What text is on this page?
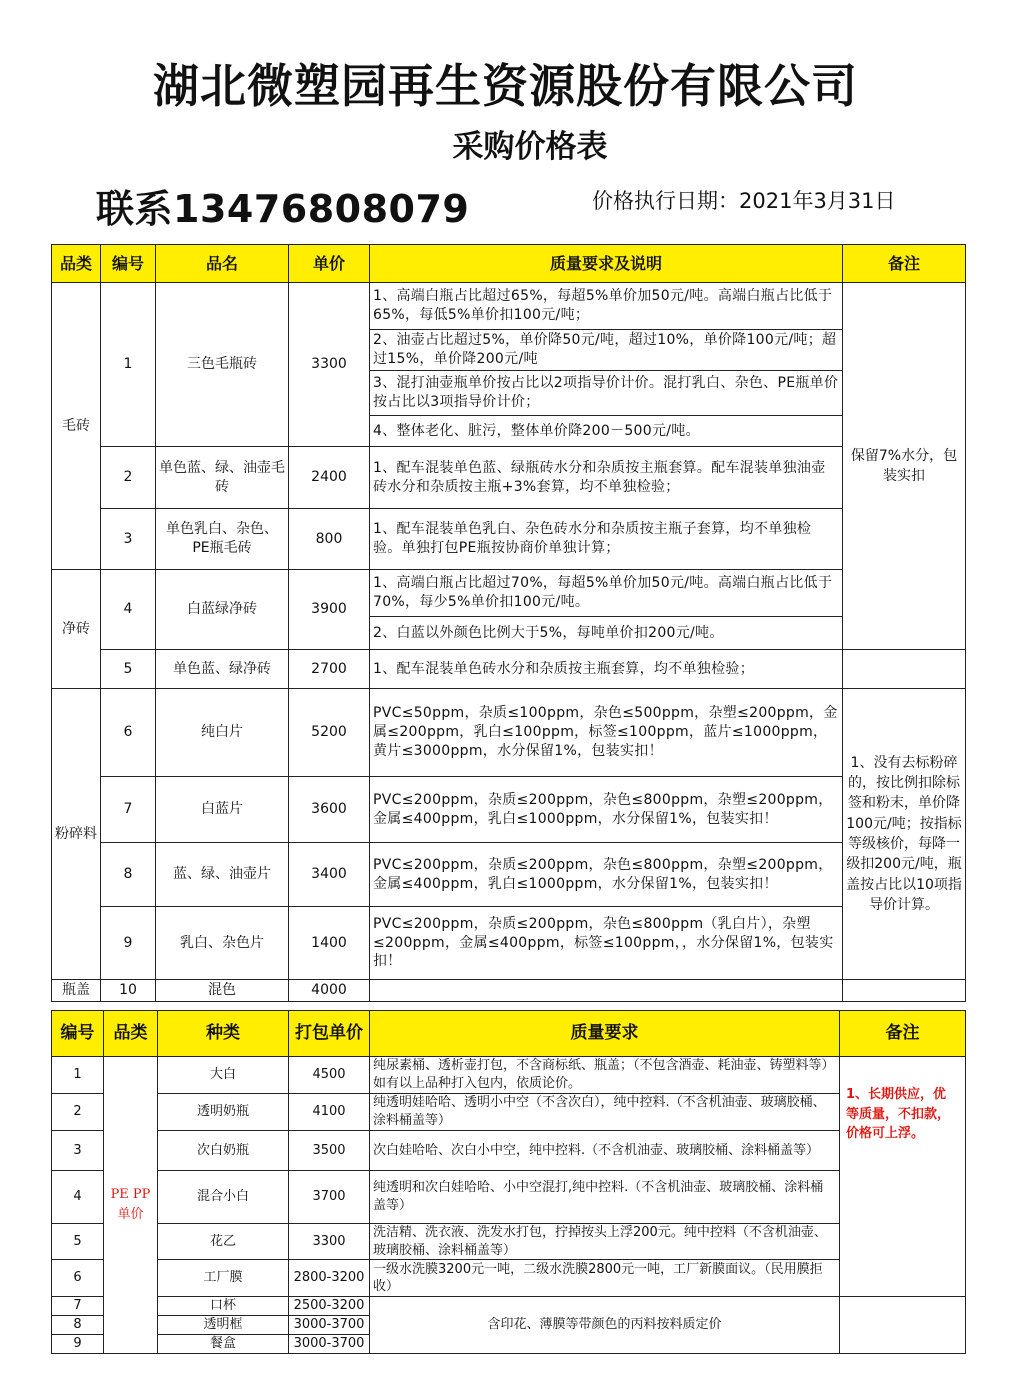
湖北微塑园再生资源股份有限公司
采购价格表
联系13476808079	价格执行日期：2021年3月31日
品类	编号	品名	单价	质量要求及说明	备注
毛砖	1	三色毛瓶砖	3300	1、高端白瓶占比超过65%，每超5%单价加50元/吨。高端白瓶占比低于65%，每低5%单价扣100元/吨；	保留7%水分，包装实扣
				2、油壶占比超过5%，单价降50元/吨，超过10%，单价降100元/吨；超过15%，单价降200元/吨	
				3、混打油壶瓶单价按占比以2项指导价计价。混打乳白、杂色、PE瓶单价按占比以3项指导价计价；	
				4、整体老化、脏污，整体单价降200－500元/吨。	
	2	单色蓝、绿、油壶毛砖	2400	1、配车混装单色蓝、绿瓶砖水分和杂质按主瓶套算。配车混装单独油壶砖水分和杂质按主瓶+3%套算，均不单独检验；	
	3	单色乳白、杂色、PE瓶毛砖	800	1、配车混装单色乳白、杂色砖水分和杂质按主瓶子套算，均不单独检验。单独打包PE瓶按协商价单独计算；	
净砖	4	白蓝绿净砖	3900	1、高端白瓶占比超过70%，每超5%单价加50元/吨。高端白瓶占比低于70%，每少5%单价扣100元/吨。	
				2、白蓝以外颜色比例大于5%，每吨单价扣200元/吨。	
	5	单色蓝、绿净砖	2700	1、配车混装单色砖水分和杂质按主瓶套算，均不单独检验；	
粉碎料	6	纯白片	5200	PVC≤50ppm，杂质≤100ppm，杂色≤500ppm，杂塑≤200ppm，金属≤200ppm，乳白≤100ppm，标签≤100ppm，蓝片≤1000ppm，黄片≤3000ppm，水分保留1%，包装实扣！	1、没有去标粉碎的，按比例扣除标签和粉末，单价降100元/吨；按指标等级核价，每降一级扣200元/吨，瓶盖按占比以10项指导价计算。
	7	白蓝片	3600	PVC≤200ppm，杂质≤200ppm，杂色≤800ppm，杂塑≤200ppm，金属≤400ppm，乳白≤1000ppm，水分保留1%，包装实扣！	
	8	蓝、绿、油壶片	3400	PVC≤200ppm，杂质≤200ppm，杂色≤800ppm，杂塑≤200ppm，金属≤400ppm，乳白≤1000ppm，水分保留1%，包装实扣！	
	9	乳白、杂色片	1400	PVC≤200ppm，杂质≤200ppm，杂色≤800ppm（乳白片），杂塑≤200ppm，金属≤400ppm，标签≤100ppm，，水分保留1%，包装实扣！	
瓶盖	10	混色	4000		
编号	品类	种类	打包单价	质量要求	备注
1	PE PP 单价	大白	4500	纯尿素桶、透析壶打包，不含商标纸、瓶盖；（不包含酒壶、耗油壶、铸塑料等）如有以上品种打入包内，依质论价。	1、长期供应，优等质量，不扣款，价格可上浮。
2		透明奶瓶	4100	纯透明娃哈哈、透明小中空（不含次白），纯中控料.（不含机油壶、玻璃胶桶、涂料桶盖等）	
3		次白奶瓶	3500	次白娃哈哈、次白小中空，纯中控料.（不含机油壶、玻璃胶桶、涂料桶盖等）	
4		混合小白	3700	纯透明和次白娃哈哈、小中空混打,纯中控料.（不含机油壶、玻璃胶桶、涂料桶盖等）	
5		花乙	3300	洗洁精、洗衣液、洗发水打包，拧掉按头上浮200元。纯中控料（不含机油壶、玻璃胶桶、涂料桶盖等）	
6		工厂膜	2800-3200	一级水洗膜3200元一吨，二级水洗膜2800元一吨，工厂新膜面议。（民用膜拒收）	
7		口杯	2500-3200	含印花、薄膜等带颜色的丙料按料质定价	
8		透明框	3000-3700		
9		餐盒	3000-3700		
